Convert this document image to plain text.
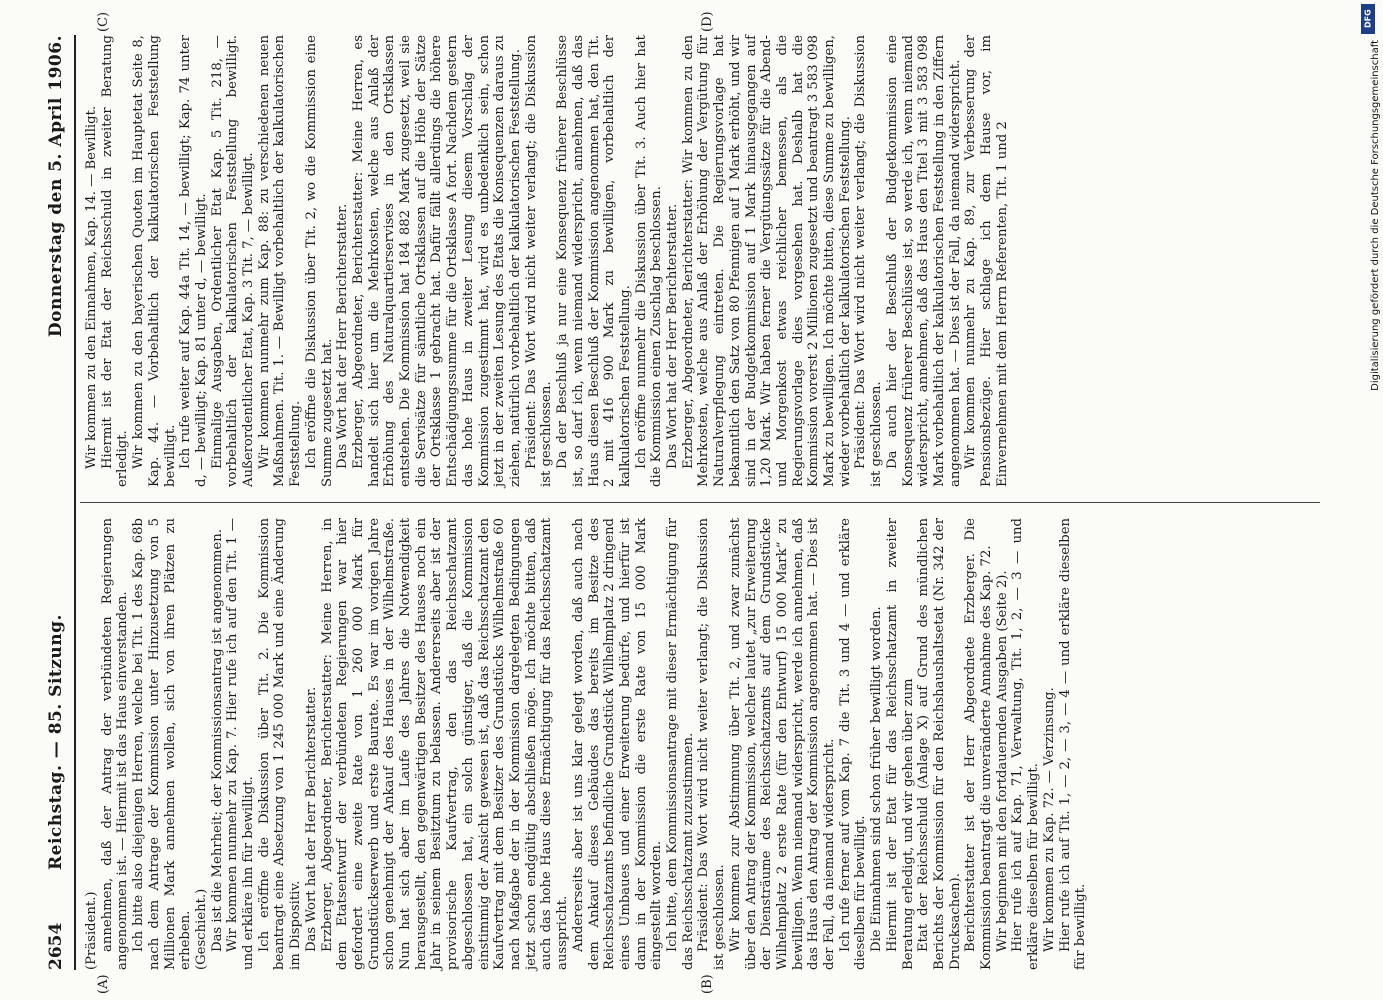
2654
Reichstag. — 85. Sitzung.
Donnerstag den 5. April 1906.
(A)	(B)
(C)	(D)

(Präsident.) annehmen, daß der Antrag der verbündeten Regierungen angenommen ist. — Hiermit ist das Haus einverstanden. Ich bitte also diejenigen Herren, welche bei Tit. 1 des Kap. 68b nach dem Antrage der Kommission unter Hinzusetzung von 5 Millionen Mark annehmen wollen, sich von ihren Plätzen zu erheben. (Geschieht.) Das ist die Mehrheit; der Kommissionsantrag ist angenommen. Wir kommen nunmehr zu Kap. 7. Hier rufe ich auf den Tit. 1 — und erkläre ihn für bewilligt. Ich eröffne die Diskussion über Tit. 2. Die Kommission beantragt eine Absetzung von 1 245 000 Mark und eine Änderung im Dispositiv. Das Wort hat der Herr Berichterstatter. Erzberger, Abgeordneter, Berichterstatter: Meine Herren, in dem Etatsentwurf der verbündeten Regierungen war hier gefordert eine zweite Rate von 1 260 000 Mark für Grundstückserwerb und erste Baurate. Es war im vorigen Jahre schon genehmigt der Ankauf des Hauses in der Wilhelmstraße. Nun hat sich aber im Laufe des Jahres die Notwendigkeit herausgestellt, den gegenwärtigen Besitzer des Hauses noch ein Jahr in seinem Besitztum zu belassen. Andererseits aber ist der provisorische Kaufvertrag, den das Reichsschatzamt abgeschlossen hat, ein solch günstiger, daß die Kommission einstimmig der Ansicht gewesen ist, daß das Reichsschatzamt den Kaufvertrag mit dem Besitzer des Grundstücks Wilhelmstraße 60 nach Maßgabe der in der Kommission dargelegten Bedingungen jetzt schon endgültig abschließen möge. Ich möchte bitten, daß auch das hohe Haus diese Ermächtigung für das Reichsschatzamt ausspricht. Andererseits aber ist uns klar gelegt worden, daß auch nach dem Ankauf dieses Gebäudes das bereits im Besitze des Reichsschatzamts befindliche Grundstück Wilhelmplatz 2 dringend eines Umbaues und einer Erweiterung bedürfe, und hierfür ist dann in der Kommission die erste Rate von 15 000 Mark eingestellt worden. Ich bitte, dem Kommissionsantrage mit dieser Ermächtigung für das Reichsschatzamt zuzustimmen. Präsident: Das Wort wird nicht weiter verlangt; die Diskussion ist geschlossen. Wir kommen zur Abstimmung über Tit. 2, und zwar zunächst über den Antrag der Kommission, welcher lautet „zur Erweiterung der Diensträume des Reichsschatzamts auf dem Grundstücke Wilhelmplatz 2 erste Rate (für den Entwurf) 15 000 Mark“ zu bewilligen. Wenn niemand widerspricht, werde ich annehmen, daß das Haus den Antrag der Kommission angenommen hat. — Dies ist der Fall, da niemand widerspricht. Ich rufe ferner auf vom Kap. 7 die Tit. 3 und 4 — und erkläre dieselben für bewilligt. Die Einnahmen sind schon früher bewilligt worden. Hiermit ist der Etat für das Reichsschatzamt in zweiter Beratung erledigt, und wir gehen über zum Etat der Reichsschuld (Anlage X) auf Grund des mündlichen Berichts der Kommission für den Reichshaushaltsetat (Nr. 342 der Drucksachen). Berichterstatter ist der Herr Abgeordnete Erzberger. Die Kommission beantragt die unveränderte Annahme des Kap. 72. Wir beginnen mit den fortdauernden Ausgaben (Seite 2). Hier rufe ich auf Kap. 71, Verwaltung, Tit. 1, 2, — 3 — und erkläre dieselben für bewilligt. Wir kommen zu Kap. 72. — Verzinsung. Hier rufe ich auf Tit. 1, — 2, — 3, — 4 — und erkläre dieselben für bewilligt.

Wir kommen zu den Einnahmen, Kap. 14. — Bewilligt. Hiermit ist der Etat der Reichsschuld in zweiter Beratung erledigt. Wir kommen zu den bayerischen Quoten im Hauptetat Seite 8, Kap. 44. — Vorbehaltlich der kalkulatorischen Feststellung bewilligt. Ich rufe weiter auf Kap. 44a Tit. 14, — bewilligt; Kap. 74 unter d, — bewilligt; Kap. 81 unter d, — bewilligt. Einmalige Ausgaben, Ordentlicher Etat Kap. 5 Tit. 218, — vorbehaltlich der kalkulatorischen Feststellung bewilligt. Außerordentlicher Etat, Kap. 3 Tit. 7, — bewilligt. Wir kommen nunmehr zum Kap. 88: zu verschiedenen neuen Maßnahmen. Tit. 1. — Bewilligt vorbehaltlich der kalkulatorischen Feststellung. Ich eröffne die Diskussion über Tit. 2, wo die Kommission eine Summe zugesetzt hat. Das Wort hat der Herr Berichterstatter. Erzberger, Abgeordneter, Berichterstatter: Meine Herren, es handelt sich hier um die Mehrkosten, welche aus Anlaß der Erhöhung des Naturalquartierservises in den Ortsklassen entstehen. Die Kommission hat 184 882 Mark zugesetzt, weil sie die Servisätze für sämtliche Ortsklassen auf die Höhe der Sätze der Ortsklasse 1 gebracht hat. Dafür fällt allerdings die höhere Entschädigungssumme für die Ortsklasse A fort. Nachdem gestern das hohe Haus in zweiter Lesung diesem Vorschlag der Kommission zugestimmt hat, wird es unbedenklich sein, schon jetzt in der zweiten Lesung des Etats die Konsequenzen daraus zu ziehen, natürlich vorbehaltlich der kalkulatorischen Feststellung. Präsident: Das Wort wird nicht weiter verlangt; die Diskussion ist geschlossen. Da der Beschluß ja nur eine Konsequenz früherer Beschlüsse ist, so darf ich, wenn niemand widerspricht, annehmen, daß das Haus diesen Beschluß der Kommission angenommen hat, den Tit. 2 mit 416 900 Mark zu bewilligen, vorbehaltlich der kalkulatorischen Feststellung. Ich eröffne nunmehr die Diskussion über Tit. 3. Auch hier hat die Kommission einen Zuschlag beschlossen. Das Wort hat der Herr Berichterstatter. Erzberger, Abgeordneter, Berichterstatter: Wir kommen zu den Mehrkosten, welche aus Anlaß der Erhöhung der Vergütung für Naturalverpflegung eintreten. Die Regierungsvorlage hat bekanntlich den Satz von 80 Pfennigen auf 1 Mark erhöht, und wir sind in der Budgetkommission auf 1 Mark hinausgegangen auf 1,20 Mark. Wir haben ferner die Vergütungssätze für die Abend- und Morgenkost etwas reichlicher bemessen, als die Regierungsvorlage dies vorgesehen hat. Deshalb hat die Kommission vorerst 2 Millionen zugesetzt und beantragt 3 583 098 Mark zu bewilligen. Ich möchte bitten, diese Summe zu bewilligen, wieder vorbehaltlich der kalkulatorischen Feststellung. Präsident: Das Wort wird nicht weiter verlangt; die Diskussion ist geschlossen. Da auch hier der Beschluß der Budgetkommission eine Konsequenz früherer Beschlüsse ist, so werde ich, wenn niemand widerspricht, annehmen, daß das Haus den Titel 3 mit 3 583 098 Mark vorbehaltlich der kalkulatorischen Feststellung in den Ziffern angenommen hat. — Dies ist der Fall, da niemand widerspricht. Wir kommen nunmehr zu Kap. 89, zur Verbesserung der Pensionsbezüge. Hier schlage ich dem Hause vor, im Einvernehmen mit dem Herrn Referenten, Tit. 1 und 2

DFG
Digitalisierung gefördert durch die Deutsche Forschungsgemeinschaft
